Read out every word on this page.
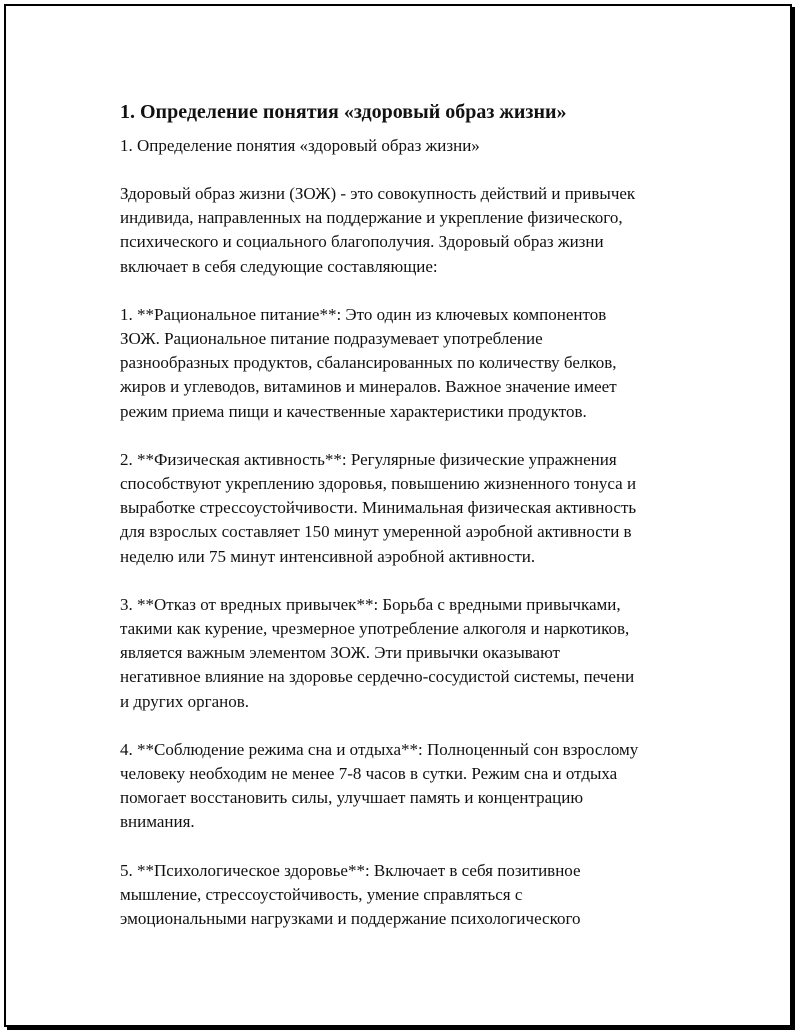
1. Определение понятия «здоровый образ жизни»
1. Определение понятия «здоровый образ жизни»
Здоровый образ жизни (ЗОЖ) - это совокупность действий и привычек
индивида, направленных на поддержание и укрепление физического,
психического и социального благополучия. Здоровый образ жизни
включает в себя следующие составляющие:
1. **Рациональное питание**: Это один из ключевых компонентов
ЗОЖ. Рациональное питание подразумевает употребление
разнообразных продуктов, сбалансированных по количеству белков,
жиров и углеводов, витаминов и минералов. Важное значение имеет
режим приема пищи и качественные характеристики продуктов.
2. **Физическая активность**: Регулярные физические упражнения
способствуют укреплению здоровья, повышению жизненного тонуса и
выработке стрессоустойчивости. Минимальная физическая активность
для взрослых составляет 150 минут умеренной аэробной активности в
неделю или 75 минут интенсивной аэробной активности.
3. **Отказ от вредных привычек**: Борьба с вредными привычками,
такими как курение, чрезмерное употребление алкоголя и наркотиков,
является важным элементом ЗОЖ. Эти привычки оказывают
негативное влияние на здоровье сердечно-сосудистой системы, печени
и других органов.
4. **Соблюдение режима сна и отдыха**: Полноценный сон взрослому
человеку необходим не менее 7-8 часов в сутки. Режим сна и отдыха
помогает восстановить силы, улучшает память и концентрацию
внимания.
5. **Психологическое здоровье**: Включает в себя позитивное
мышление, стрессоустойчивость, умение справляться с
эмоциональными нагрузками и поддержание психологического
